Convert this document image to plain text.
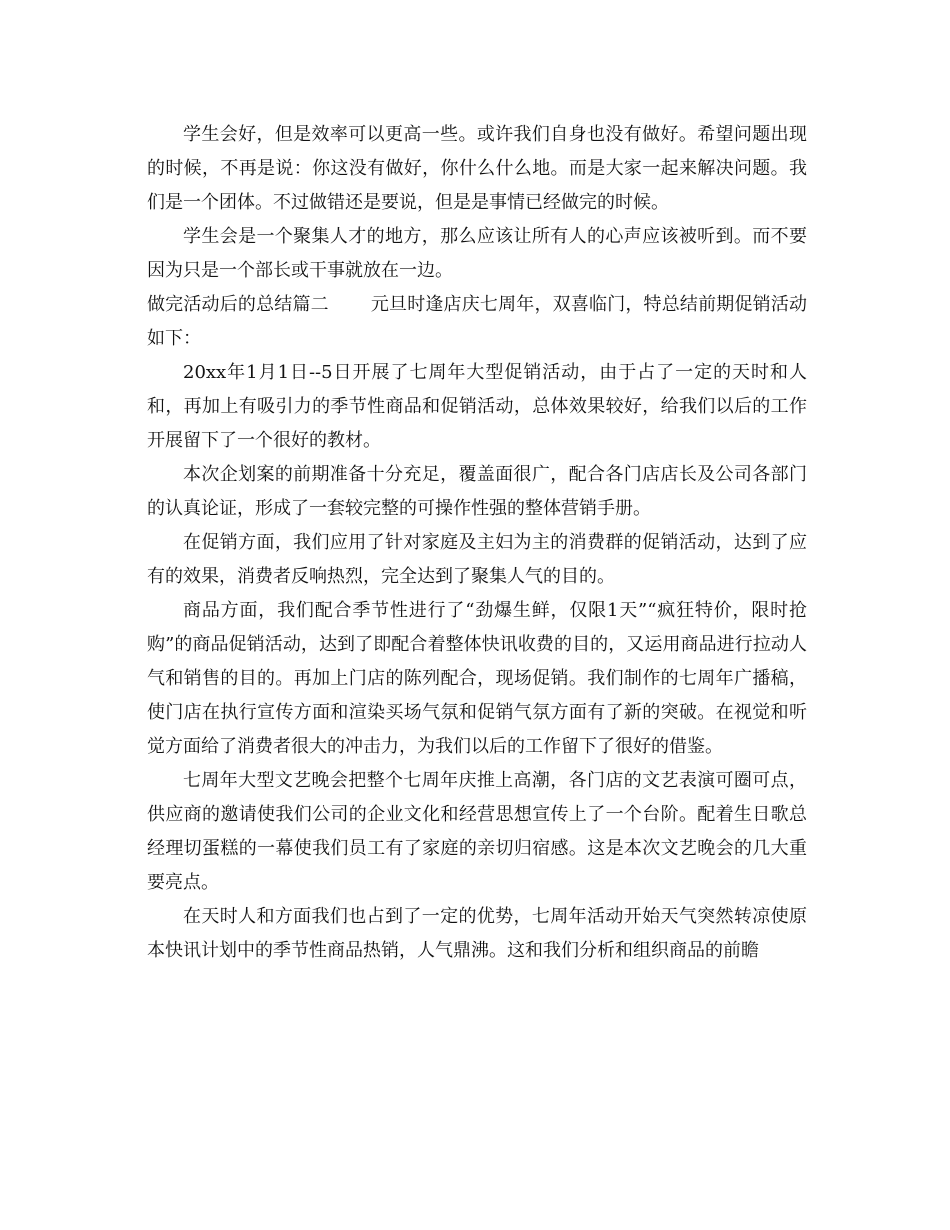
学生会好，但是效率可以更高一些。或许我们自身也没有做好。希望问题出现的时候，不再是说：你这没有做好，你什么什么地。而是大家一起来解决问题。我们是一个团体。不过做错还是要说，但是是事情已经做完的时候。

学生会是一个聚集人才的地方，那么应该让所有人的心声应该被听到。而不要因为只是一个部长或干事就放在一边。

做完活动后的总结篇二 元旦时逢店庆七周年，双喜临门，特总结前期促销活动如下：

20xx年1月1日--5日开展了七周年大型促销活动，由于占了一定的天时和人和，再加上有吸引力的季节性商品和促销活动，总体效果较好，给我们以后的工作开展留下了一个很好的教材。

本次企划案的前期准备十分充足，覆盖面很广，配合各门店店长及公司各部门的认真论证，形成了一套较完整的可操作性强的整体营销手册。

在促销方面，我们应用了针对家庭及主妇为主的消费群的促销活动，达到了应有的效果，消费者反响热烈，完全达到了聚集人气的目的。

商品方面，我们配合季节性进行了“劲爆生鲜，仅限1天”“疯狂特价，限时抢购”的商品促销活动，达到了即配合着整体快讯收费的目的，又运用商品进行拉动人气和销售的目的。再加上门店的陈列配合，现场促销。我们制作的七周年广播稿，使门店在执行宣传方面和渲染买场气氛和促销气氛方面有了新的突破。在视觉和听觉方面给了消费者很大的冲击力，为我们以后的工作留下了很好的借鉴。

七周年大型文艺晚会把整个七周年庆推上高潮，各门店的文艺表演可圈可点，供应商的邀请使我们公司的企业文化和经营思想宣传上了一个台阶。配着生日歌总经理切蛋糕的一幕使我们员工有了家庭的亲切归宿感。这是本次文艺晚会的几大重要亮点。

在天时人和方面我们也占到了一定的优势，七周年活动开始天气突然转凉使原本快讯计划中的季节性商品热销，人气鼎沸。这和我们分析和组织商品的前瞻
